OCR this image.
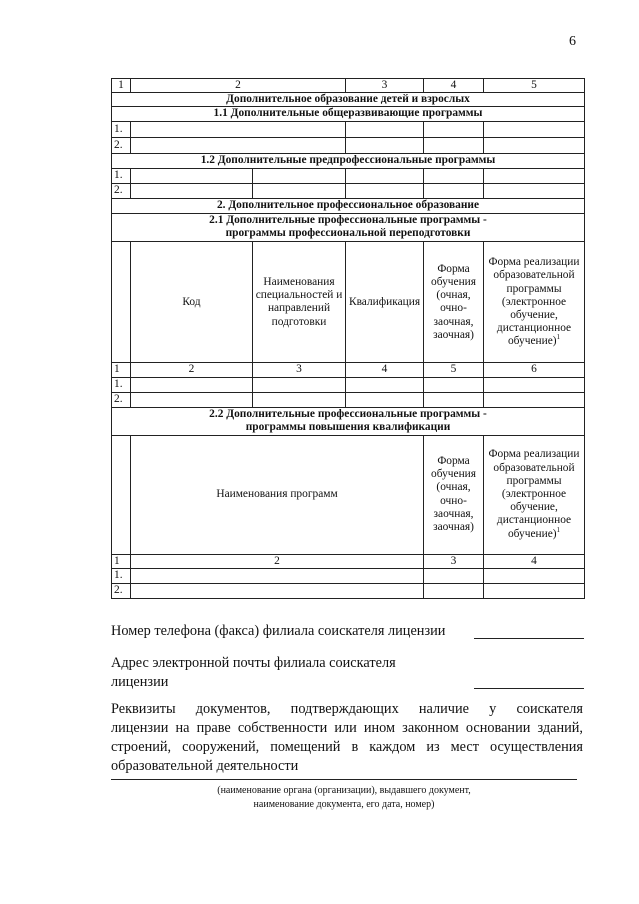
6
1	2		3	4	5
Дополнительное образование детей и взрослых					
1.1 Дополнительные общеразвивающие программы					
1.					
2.					
1.2 Дополнительные предпрофессиональные программы					
1.					
2.					
2. Дополнительное профессиональное образование					
2.1 Дополнительные профессиональные программы -					
программы профессиональной переподготовки					
	Код	Наименования специальностей и направлений подготовки	Квалификация	Форма обучения (очная, очно-заочная, заочная)	Форма реализации образовательной программы (электронное обучение, дистанционное обучение)$^1$
1	2	3	4	5	6
1.					
2.					
2.2 Дополнительные профессиональные программы -					
программы повышения квалификации					
	Наименования программ			Форма обучения (очная, очно-заочная, заочная)	Форма реализации образовательной программы (электронное обучение, дистанционное обучение)$^1$
1	2			3	4
1.					
2.					
Номер телефона (факса) филиала соискателя лицензии
Адрес электронной почты филиала соискателя
лицензии
Реквизиты документов, подтверждающих наличие у соискателя
лицензии на праве собственности или ином законном основании зданий,
строений, сооружений, помещений в каждом из мест осуществления
образовательной деятельности
(наименование органа (организации), выдавшего документ,
наименование документа, его дата, номер)
